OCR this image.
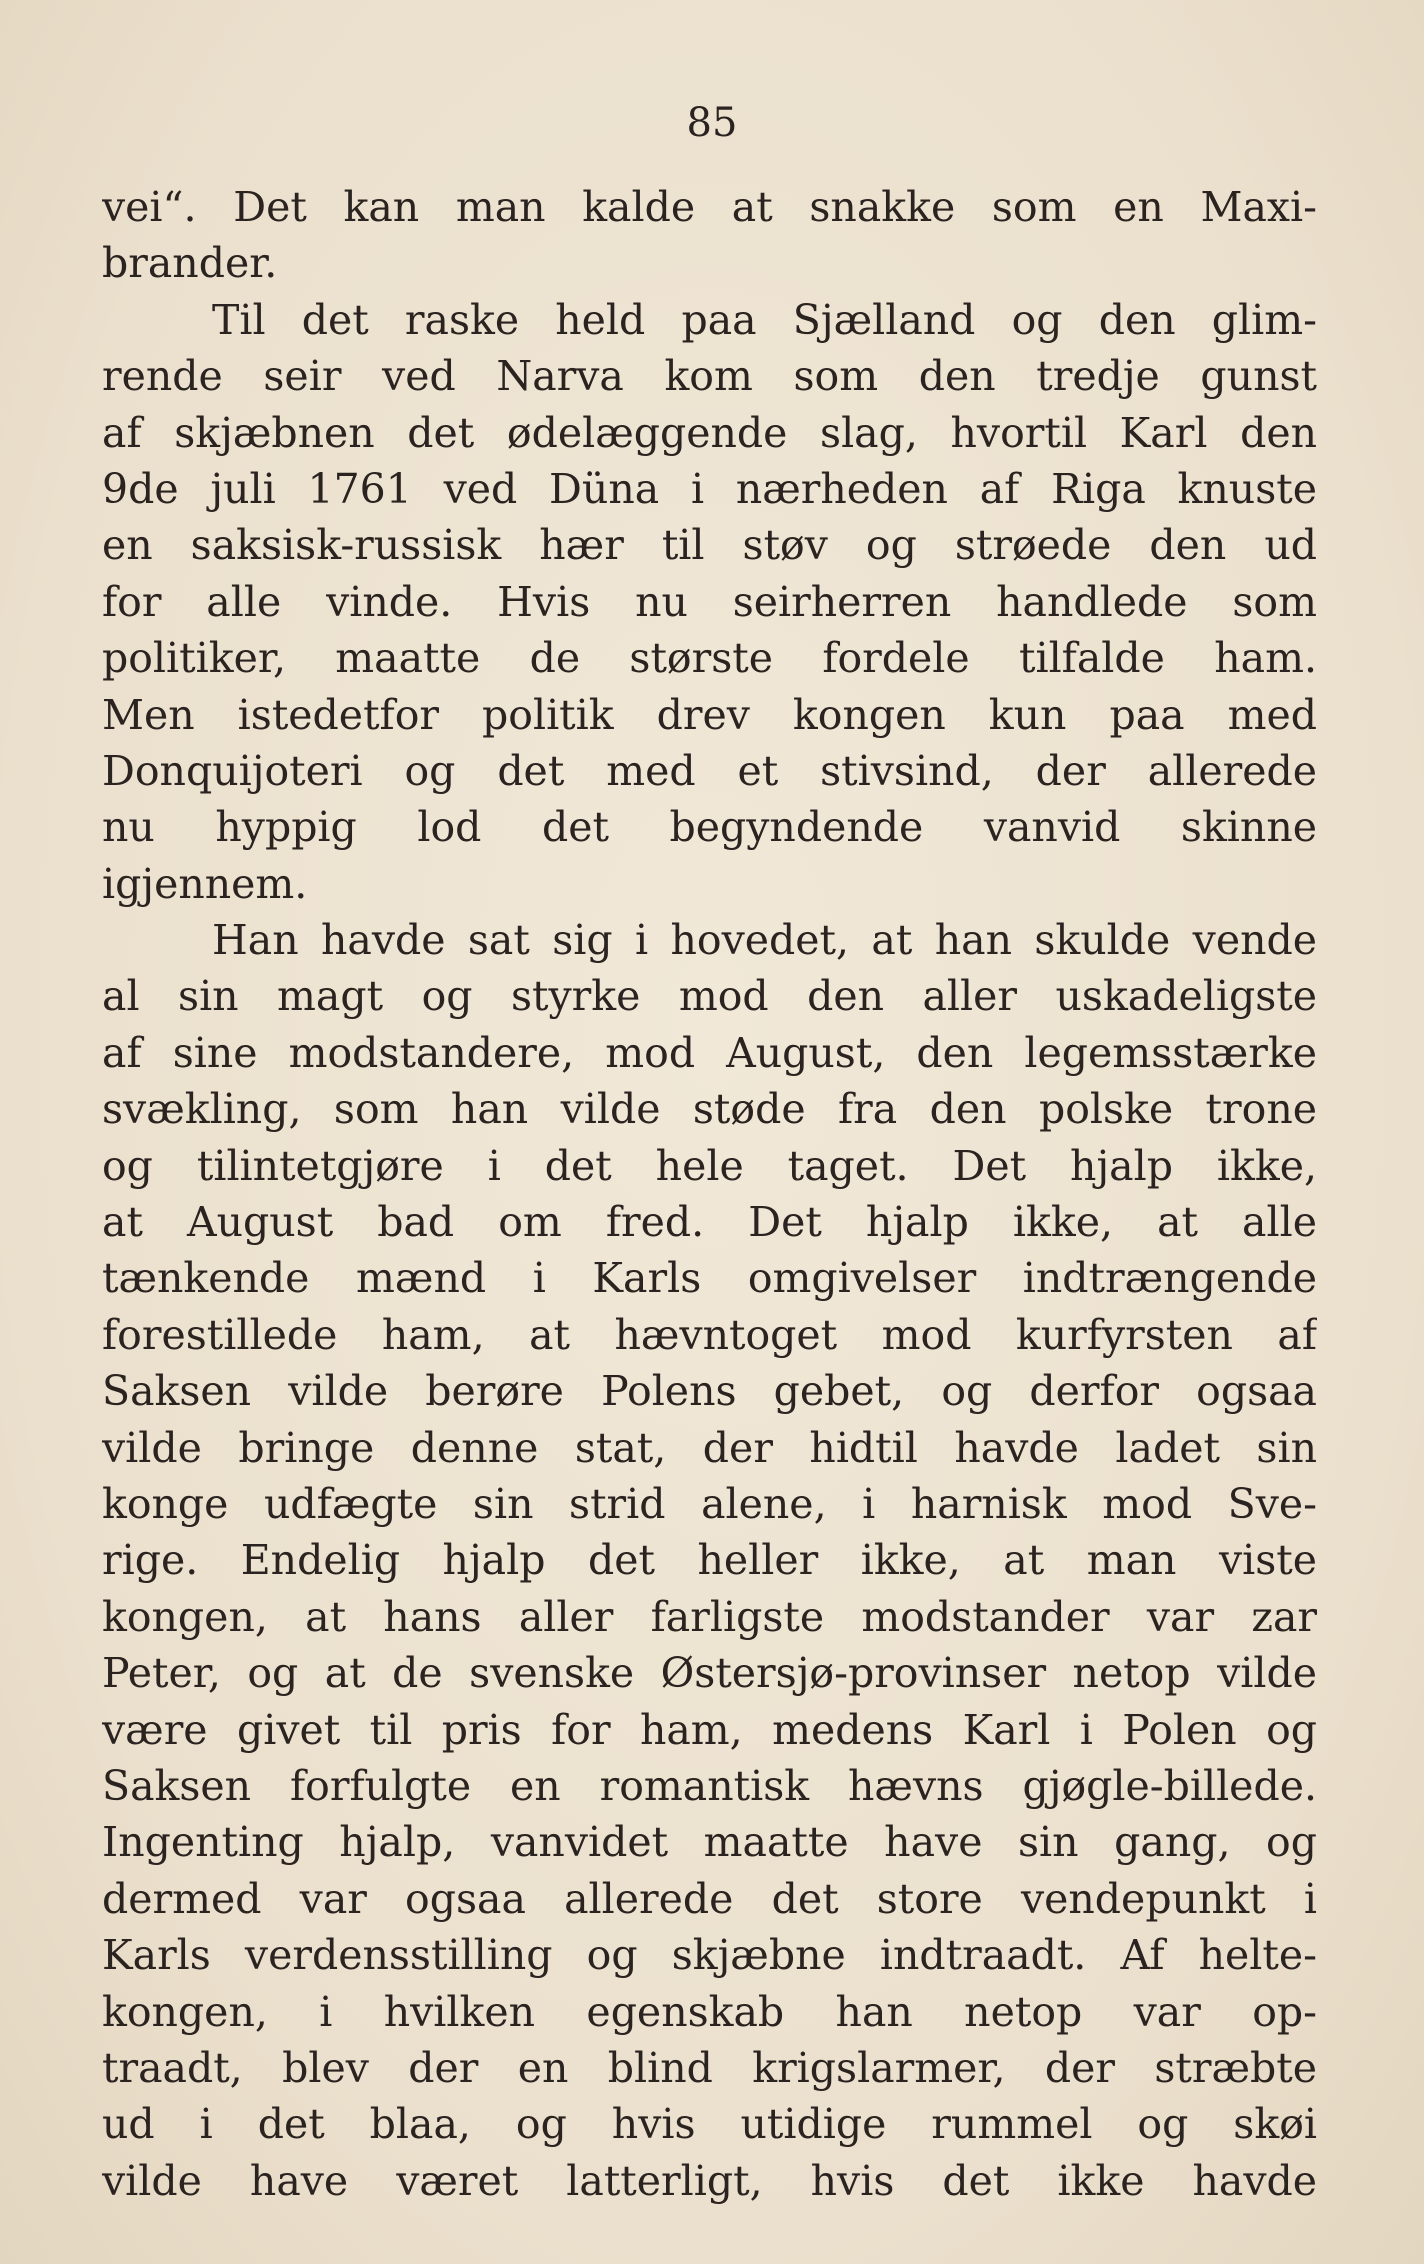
85
vei“. Det kan man kalde at snakke som en Maxi-
brander.
Til det raske held paa Sjælland og den glim-
rende seir ved Narva kom som den tredje gunst
af skjæbnen det ødelæggende slag, hvortil Karl den
9de juli 1761 ved Düna i nærheden af Riga knuste
en saksisk-russisk hær til støv og strøede den ud
for alle vinde. Hvis nu seirherren handlede som
politiker, maatte de største fordele tilfalde ham.
Men istedetfor politik drev kongen kun paa med
Donquijoteri og det med et stivsind, der allerede
nu hyppig lod det begyndende vanvid skinne
igjennem.
Han havde sat sig i hovedet, at han skulde vende
al sin magt og styrke mod den aller uskadeligste
af sine modstandere, mod August, den legemsstærke
svækling, som han vilde støde fra den polske trone
og tilintetgjøre i det hele taget. Det hjalp ikke,
at August bad om fred. Det hjalp ikke, at alle
tænkende mænd i Karls omgivelser indtrængende
forestillede ham, at hævntoget mod kurfyrsten af
Saksen vilde berøre Polens gebet, og derfor ogsaa
vilde bringe denne stat, der hidtil havde ladet sin
konge udfægte sin strid alene, i harnisk mod Sve-
rige. Endelig hjalp det heller ikke, at man viste
kongen, at hans aller farligste modstander var zar
Peter, og at de svenske Østersjø-provinser netop vilde
være givet til pris for ham, medens Karl i Polen og
Saksen forfulgte en romantisk hævns gjøgle-billede.
Ingenting hjalp, vanvidet maatte have sin gang, og
dermed var ogsaa allerede det store vendepunkt i
Karls verdensstilling og skjæbne indtraadt. Af helte-
kongen, i hvilken egenskab han netop var op-
traadt, blev der en blind krigslarmer, der stræbte
ud i det blaa, og hvis utidige rummel og skøi
vilde have været latterligt, hvis det ikke havde
